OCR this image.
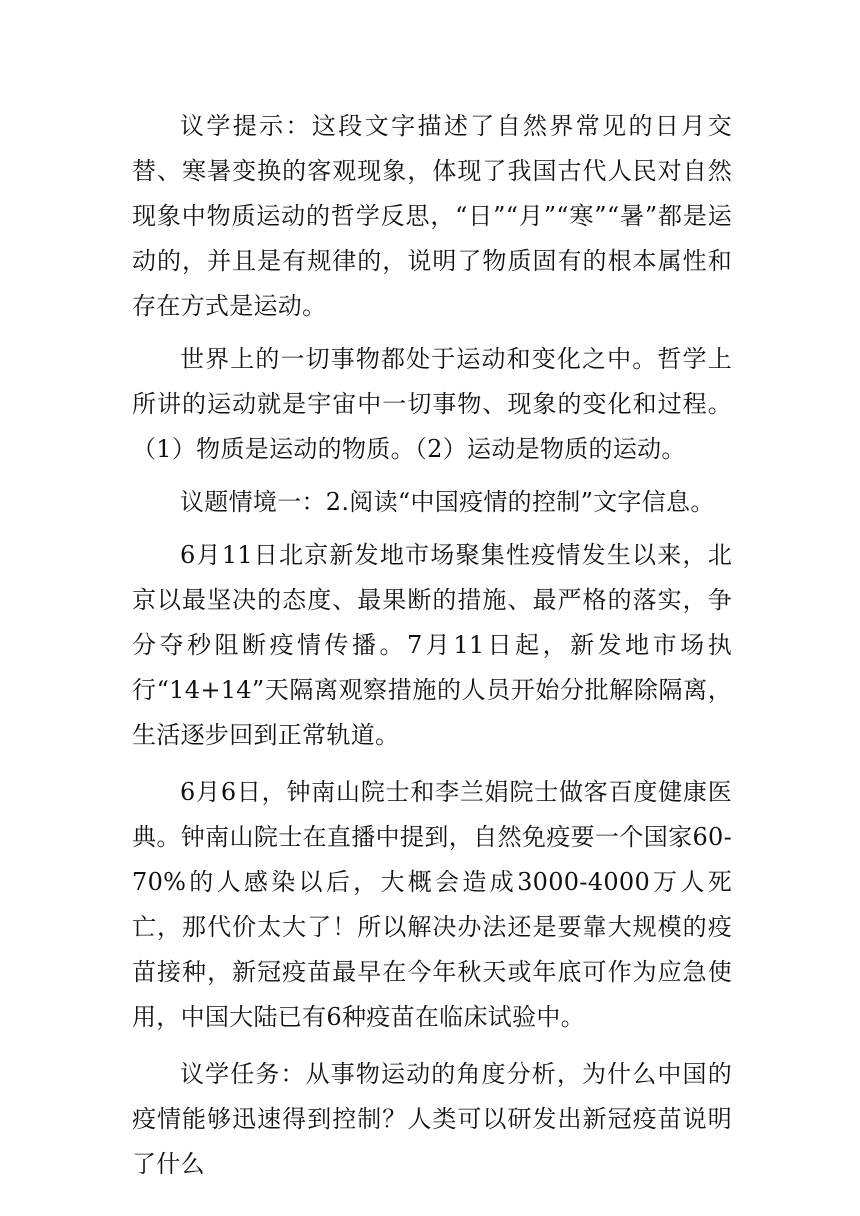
议学提示：这段文字描述了自然界常见的日月交替、寒暑变换的客观现象，体现了我国古代人民对自然现象中物质运动的哲学反思，“日”“月”“寒”“暑”都是运动的，并且是有规律的，说明了物质固有的根本属性和存在方式是运动。

世界上的一切事物都处于运动和变化之中。哲学上所讲的运动就是宇宙中一切事物、现象的变化和过程。（1）物质是运动的物质。（2）运动是物质的运动。

议题情境一：2.阅读“中国疫情的控制”文字信息。

6月11日北京新发地市场聚集性疫情发生以来，北京以最坚决的态度、最果断的措施、最严格的落实，争分夺秒阻断疫情传播。7月11日起，新发地市场执行“14+14”天隔离观察措施的人员开始分批解除隔离，生活逐步回到正常轨道。

6月6日，钟南山院士和李兰娟院士做客百度健康医典。钟南山院士在直播中提到，自然免疫要一个国家60-70%的人感染以后，大概会造成3000-4000万人死亡，那代价太大了！所以解决办法还是要靠大规模的疫苗接种，新冠疫苗最早在今年秋天或年底可作为应急使用，中国大陆已有6种疫苗在临床试验中。

议学任务：从事物运动的角度分析，为什么中国的疫情能够迅速得到控制？人类可以研发出新冠疫苗说明了什么
